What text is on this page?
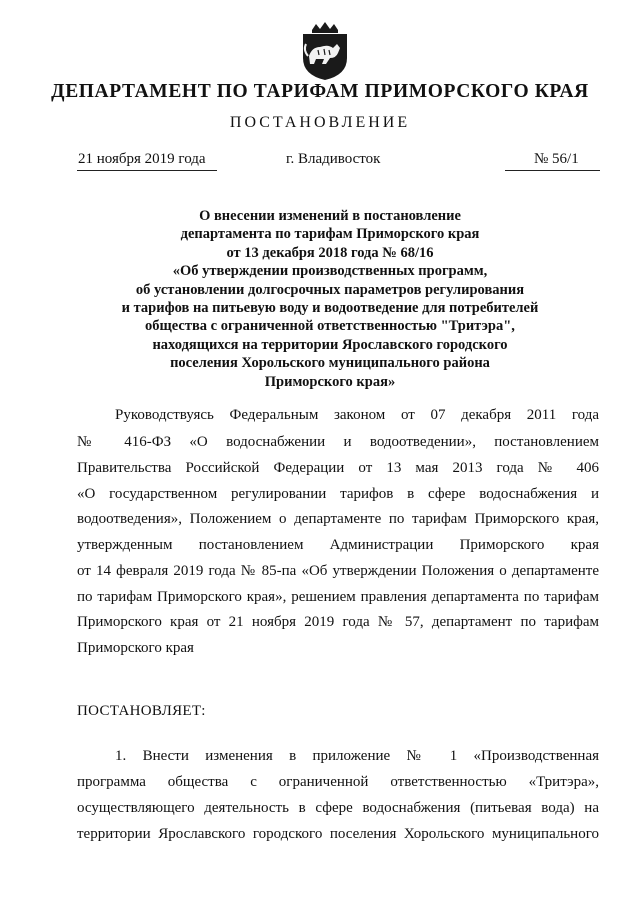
ДЕПАРТАМЕНТ ПО ТАРИФАМ ПРИМОРСКОГО КРАЯ
ПОСТАНОВЛЕНИЕ
21 ноября 2019 года	г. Владивосток	№ 56/1
О внесении изменений в постановление
департамента по тарифам Приморского края
от 13 декабря 2018 года № 68/16
«Об утверждении производственных программ,
об установлении долгосрочных параметров регулирования
и тарифов на питьевую воду и водоотведение для потребителей
общества с ограниченной ответственностью "Тритэра",
находящихся на территории Ярославского городского
поселения Хорольского муниципального района
Приморского края»
Руководствуясь Федеральным законом от 07 декабря 2011 года
№ 416-ФЗ «О водоснабжении и водоотведении», постановлением
Правительства Российской Федерации от 13 мая 2013 года № 406
«О государственном регулировании тарифов в сфере водоснабжения и
водоотведения», Положением о департаменте по тарифам Приморского края,
утвержденным постановлением Администрации Приморского края
от 14 февраля 2019 года № 85-па «Об утверждении Положения о департаменте
по тарифам Приморского края», решением правления департамента по тарифам
Приморского края от 21 ноября 2019 года № 57, департамент по тарифам
Приморского края
ПОСТАНОВЛЯЕТ:
1. Внести изменения в приложение № 1 «Производственная
программа общества с ограниченной ответственностью «Тритэра»,
осуществляющего деятельность в сфере водоснабжения (питьевая вода) на
территории Ярославского городского поселения Хорольского муниципального
